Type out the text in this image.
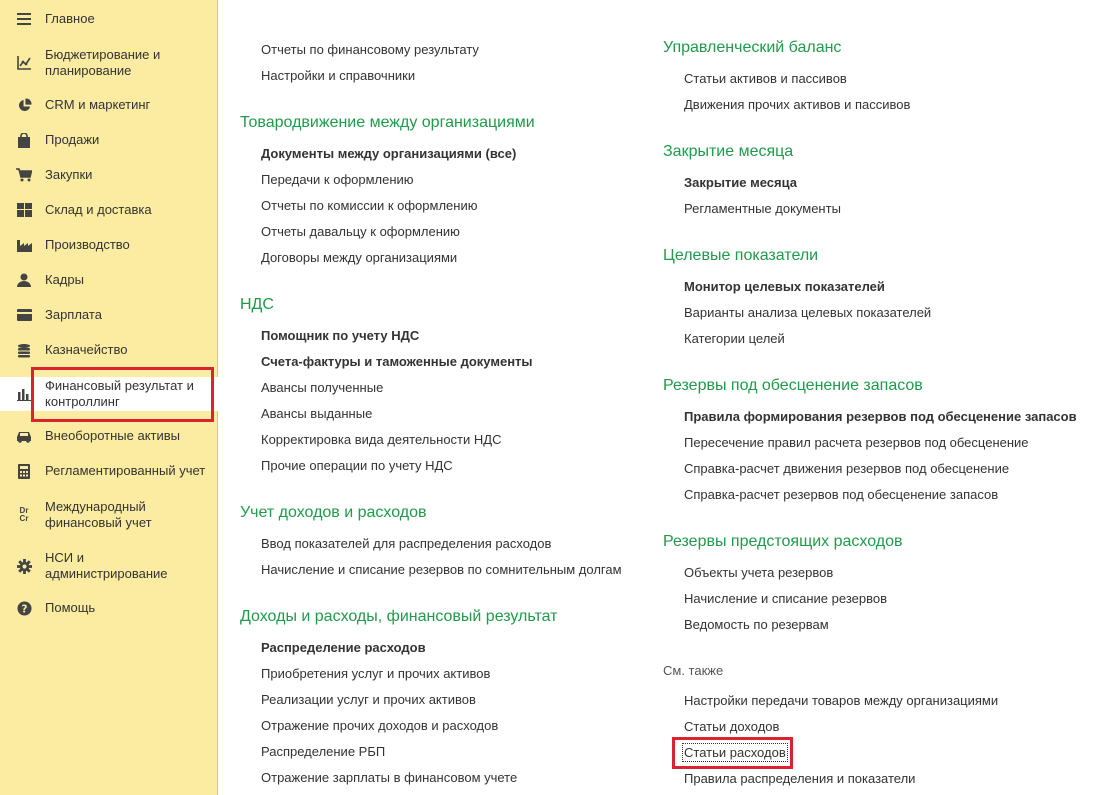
Главное
Бюджетирование и планирование
CRM и маркетинг
Продажи
Закупки
Склад и доставка
Производство
Кадры
Зарплата
Казначейство
Финансовый результат и контроллинг
Внеоборотные активы
Регламентированный учет
Dr
Cr
Международный финансовый учет
НСИ и администрирование
? Помощь
Отчеты по финансовому результату
Настройки и справочники
Товародвижение между организациями
Документы между организациями (все)
Передачи к оформлению
Отчеты по комиссии к оформлению
Отчеты давальцу к оформлению
Договоры между организациями
НДС
Помощник по учету НДС
Счета-фактуры и таможенные документы
Авансы полученные
Авансы выданные
Корректировка вида деятельности НДС
Прочие операции по учету НДС
Учет доходов и расходов
Ввод показателей для распределения расходов
Начисление и списание резервов по сомнительным долгам
Доходы и расходы, финансовый результат
Распределение расходов
Приобретения услуг и прочих активов
Реализации услуг и прочих активов
Отражение прочих доходов и расходов
Распределение РБП
Отражение зарплаты в финансовом учете
Управленческий баланс
Статьи активов и пассивов
Движения прочих активов и пассивов
Закрытие месяца
Закрытие месяца
Регламентные документы
Целевые показатели
Монитор целевых показателей
Варианты анализа целевых показателей
Категории целей
Резервы под обесценение запасов
Правила формирования резервов под обесценение запасов
Пересечение правил расчета резервов под обесценение
Справка-расчет движения резервов под обесценение
Справка-расчет резервов под обесценение запасов
Резервы предстоящих расходов
Объекты учета резервов
Начисление и списание резервов
Ведомость по резервам
См. также
Настройки передачи товаров между организациями
Статьи доходов
Статьи расходов
Правила распределения и показатели
